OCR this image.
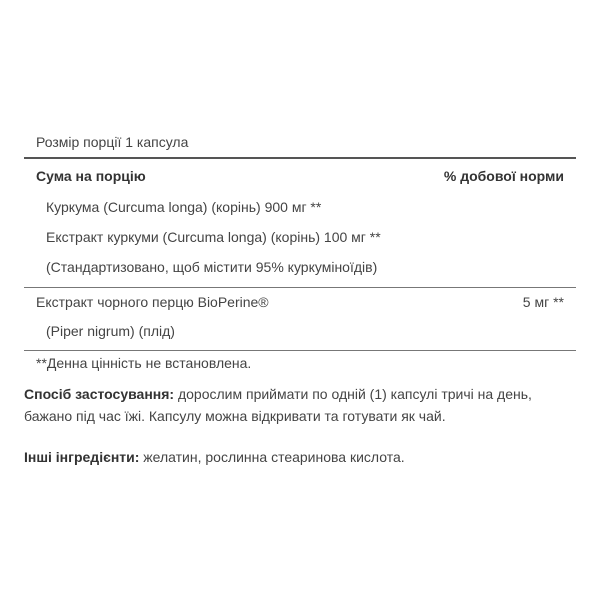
Розмір порції 1 капсула
Сума на порцію	% добової норми
Куркума (Curcuma longa) (корінь) 900 мг **
Екстракт куркуми (Curcuma longa) (корінь) 100 мг **
(Стандартизовано, щоб містити 95% куркуміноїдів)
Екстракт чорного перцю BioPerine®	5 мг **
(Piper nigrum) (плід)
**Денна цінність не встановлена.
Спосіб застосування: дорослим приймати по одній (1) капсулі тричі на день,
бажано під час їжі. Капсулу можна відкривати та готувати як чай.
Інші інгредієнти: желатин, рослинна стеаринова кислота.
